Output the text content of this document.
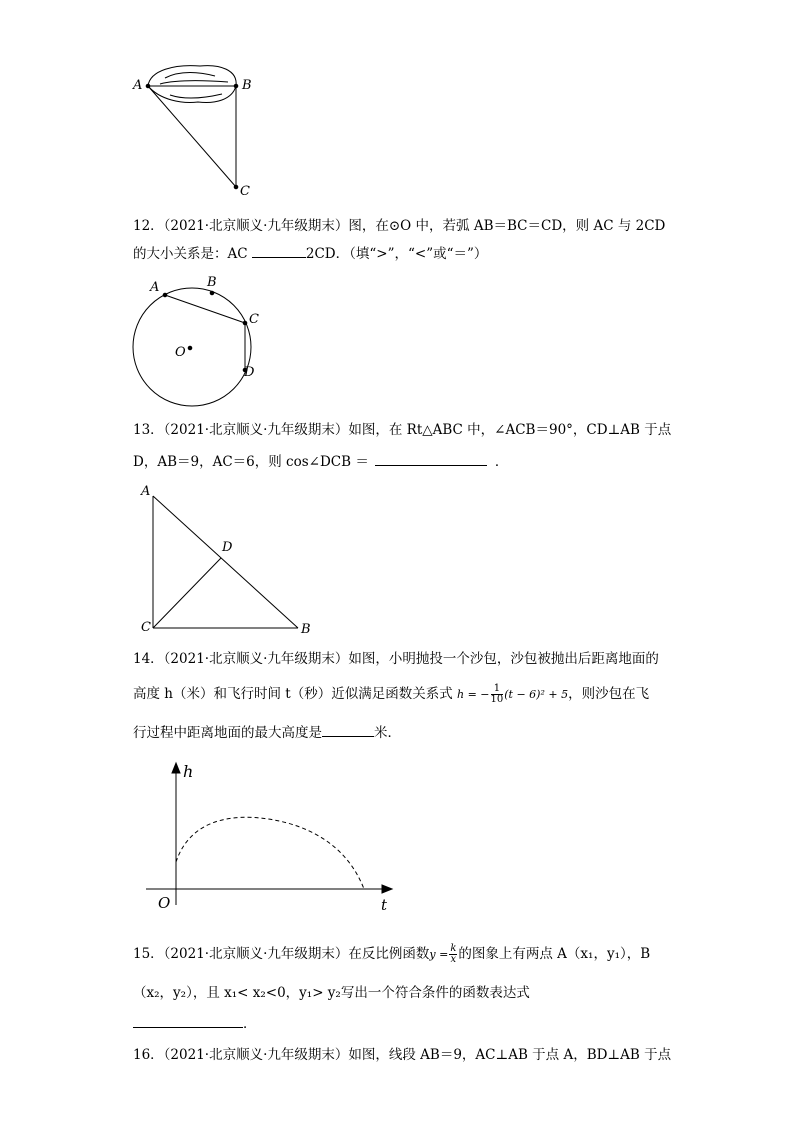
A	B
C
12．（2021·北京顺义·九年级期末）图，在⊙O 中，若弧 AB＝BC＝CD，则 AC 与 2CD
的大小关系是：AC	2CD．（填“>”，“<”或“＝”）
A	B
C
D
O
13．（2021·北京顺义·九年级期末）如图，在 Rt△ABC 中，∠ACB＝90°，CD⊥AB 于点
D，AB＝9，AC＝6，则 cos∠DCB ＝	．
A
D
C	B
14．（2021·北京顺义·九年级期末）如图，小明抛投一个沙包，沙包被抛出后距离地面的
高度 h（米）和飞行时间 t（秒）近似满足函数关系式 h = − $\frac{1}{10} (t - 6)^2 + 5$，则沙包在飞
行过程中距离地面的最大高度是	米．
h
O	t
15．（2021·北京顺义·九年级期末）在反比例函数$y = \frac{k}{x}$ 的图象上有两点 A（x₁，y₁），B
（x₂，y₂），且 x₁< x₂<0，y₁> y₂写出一个符合条件的函数表达式
．
16．（2021·北京顺义·九年级期末）如图，线段 AB＝9，AC⊥AB 于点 A，BD⊥AB 于点
